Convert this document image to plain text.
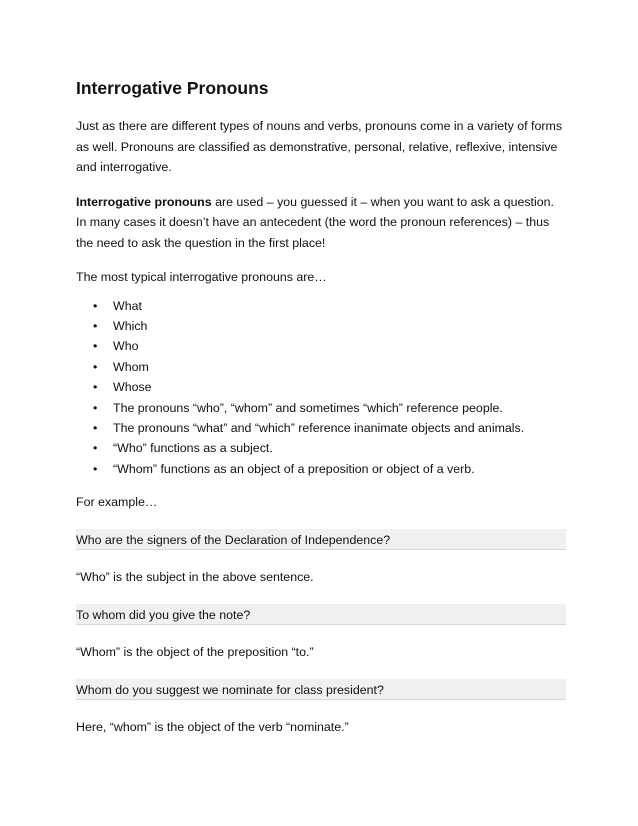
Interrogative Pronouns

Just as there are different types of nouns and verbs, pronouns come in a variety of forms as well. Pronouns are classified as demonstrative, personal, relative, reflexive, intensive and interrogative.

Interrogative pronouns are used – you guessed it – when you want to ask a question. In many cases it doesn’t have an antecedent (the word the pronoun references) – thus the need to ask the question in the first place!

The most typical interrogative pronouns are…

• What
• Which
• Who
• Whom
• Whose
• The pronouns “who”, “whom” and sometimes “which” reference people.
• The pronouns “what” and “which” reference inanimate objects and animals.
• “Who” functions as a subject.
• “Whom” functions as an object of a preposition or object of a verb.

For example…

Who are the signers of the Declaration of Independence?

“Who” is the subject in the above sentence.

To whom did you give the note?

“Whom” is the object of the preposition “to.”

Whom do you suggest we nominate for class president?

Here, “whom” is the object of the verb “nominate.”
